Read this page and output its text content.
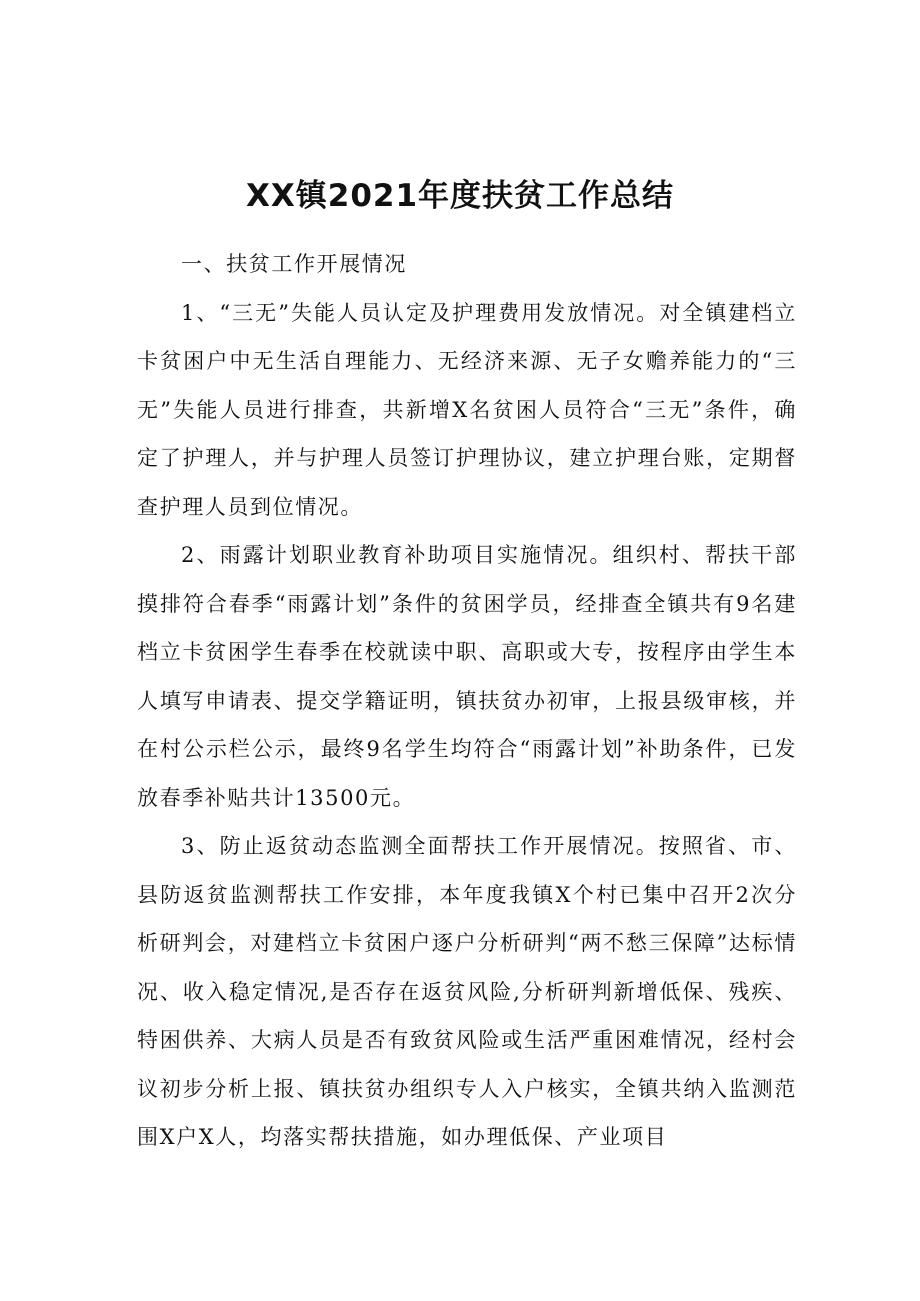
XX镇2021年度扶贫工作总结

一、扶贫工作开展情况

1、“三无”失能人员认定及护理费用发放情况。对全镇建档立卡贫困户中无生活自理能力、无经济来源、无子女赡养能力的“三无”失能人员进行排查，共新增X名贫困人员符合“三无”条件，确定了护理人，并与护理人员签订护理协议，建立护理台账，定期督查护理人员到位情况。

2、雨露计划职业教育补助项目实施情况。组织村、帮扶干部摸排符合春季“雨露计划”条件的贫困学员，经排查全镇共有9名建档立卡贫困学生春季在校就读中职、高职或大专，按程序由学生本人填写申请表、提交学籍证明，镇扶贫办初审，上报县级审核，并在村公示栏公示，最终9名学生均符合“雨露计划”补助条件，已发放春季补贴共计13500元。

3、防止返贫动态监测全面帮扶工作开展情况。按照省、市、县防返贫监测帮扶工作安排，本年度我镇X个村已集中召开2次分析研判会，对建档立卡贫困户逐户分析研判“两不愁三保障”达标情况、收入稳定情况,是否存在返贫风险,分析研判新增低保、残疾、特困供养、大病人员是否有致贫风险或生活严重困难情况，经村会议初步分析上报、镇扶贫办组织专人入户核实，全镇共纳入监测范围X户X人，均落实帮扶措施，如办理低保、产业项目
